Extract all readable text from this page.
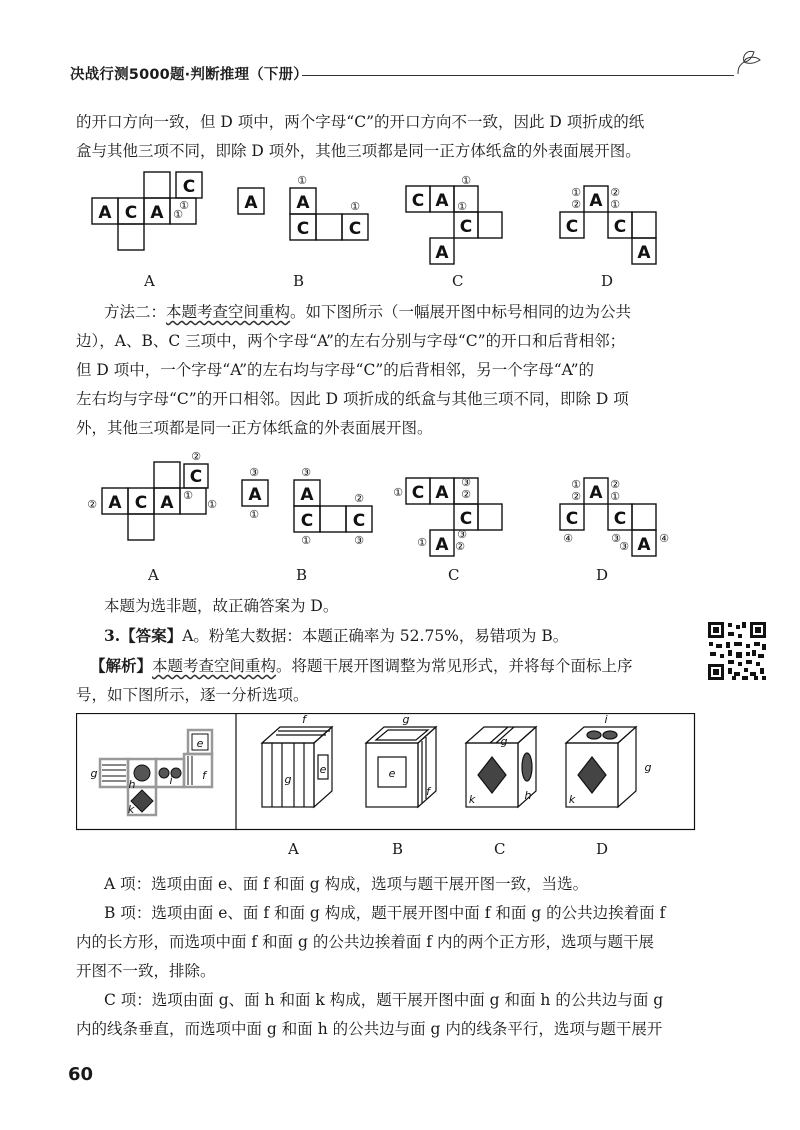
决战行测5000题·判断推理（下册）

的开口方向一致，但 D 项中，两个字母“C”的开口方向不一致，因此 D 项折成的纸

盒与其他三项不同，即除 D 项外，其他三项都是同一正方体纸盒的外表面展开图。

A C A
C
A A
C C
C A
C
A
A
C C
A
①
①
①
①
①
①
①	②
②	①
A	B	C	D

方法二：本题考查空间重构。如下图所示（一幅展开图中标号相同的边为公共

边），A、B、C 三项中，两个字母“A”的左右分别与字母“C”的开口和后背相邻；

但 D 项中，一个字母“A”的左右均与字母“C”的后背相邻，另一个字母“A”的

左右均与字母“C”的开口相邻。因此 D 项折成的纸盒与其他三项不同，即除 D 项

外，其他三项都是同一正方体纸盒的外表面展开图。

A C A
C
A A
C C
C A
C
A
A
C C
A
②
②
①
①
③	③
①
②
①	③
①
③
②
①
③
②
①	②
②	①
④	③
③
④
A	B	C	D

本题为选非题，故正确答案为 D。

3.【答案】A。粉笔大数据：本题正确率为 52.75%，易错项为 B。

【解析】本题考查空间重构。将题干展开图调整为常见形式，并将每个面标上序

号，如下图所示，逐一分析选项。

e
g
h	i	f
k
f
g
e
g
e
f
g
k	h
i
k
g
A	B	C	D

A 项：选项由面 e、面 f 和面 g 构成，选项与题干展开图一致，当选。

B 项：选项由面 e、面 f 和面 g 构成，题干展开图中面 f 和面 g 的公共边挨着面 f

内的长方形，而选项中面 f 和面 g 的公共边挨着面 f 内的两个正方形，选项与题干展

开图不一致，排除。

C 项：选项由面 g、面 h 和面 k 构成，题干展开图中面 g 和面 h 的公共边与面 g

内的线条垂直，而选项中面 g 和面 h 的公共边与面 g 内的线条平行，选项与题干展开

60
